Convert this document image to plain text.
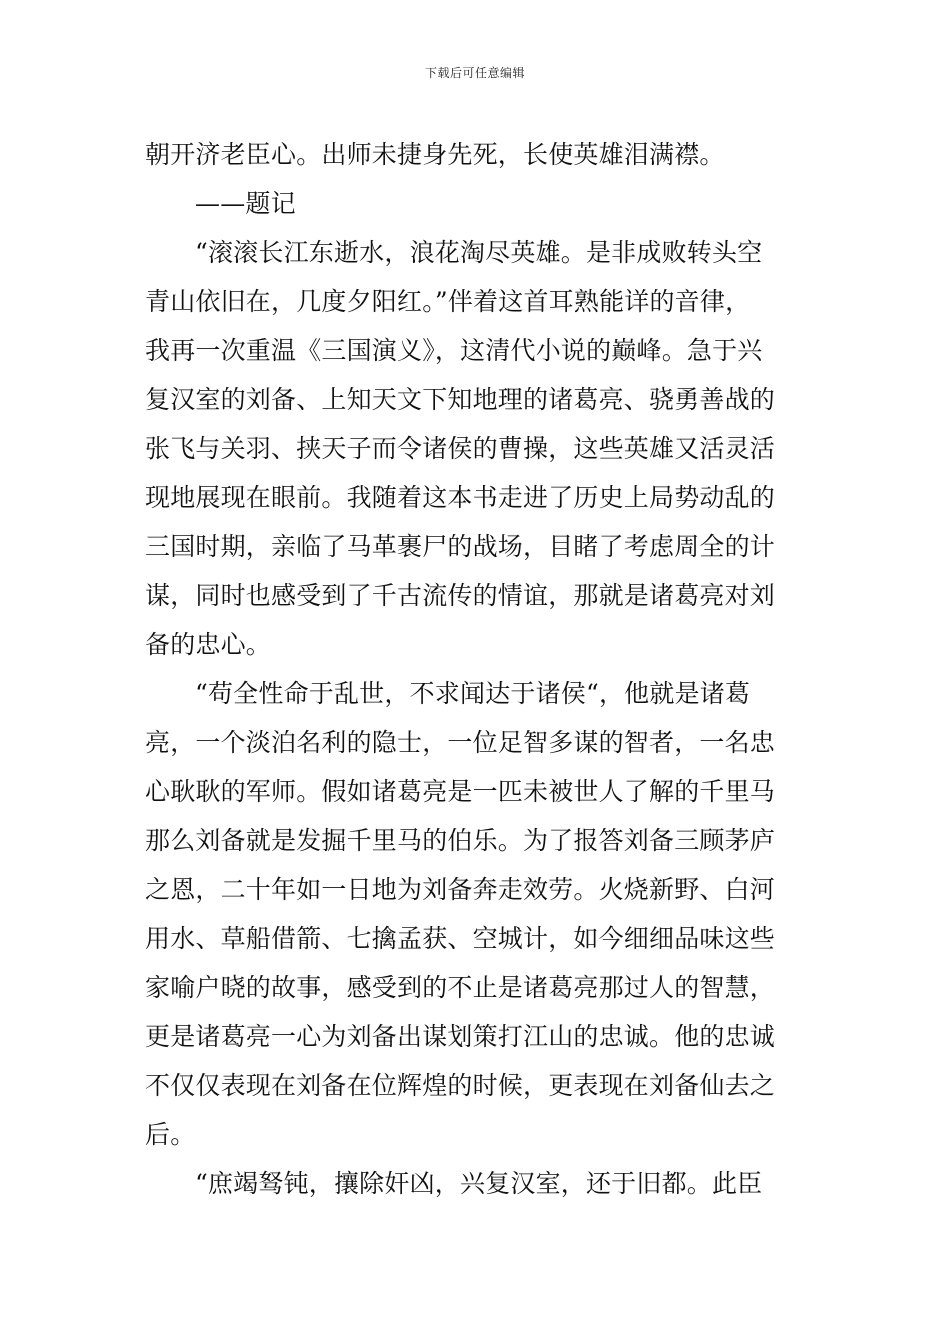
下载后可任意编辑
朝开济老臣心。出师未捷身先死，长使英雄泪满襟。
——题记
“滚滚长江东逝水，浪花淘尽英雄。是非成败转头空
青山依旧在，几度夕阳红。”伴着这首耳熟能详的音律，
我再一次重温《三国演义》，这清代小说的巅峰。急于兴
复汉室的刘备、上知天文下知地理的诸葛亮、骁勇善战的
张飞与关羽、挟天子而令诸侯的曹操，这些英雄又活灵活
现地展现在眼前。我随着这本书走进了历史上局势动乱的
三国时期，亲临了马革裹尸的战场，目睹了考虑周全的计
谋，同时也感受到了千古流传的情谊，那就是诸葛亮对刘
备的忠心。
“苟全性命于乱世，不求闻达于诸侯“，他就是诸葛
亮，一个淡泊名利的隐士，一位足智多谋的智者，一名忠
心耿耿的军师。假如诸葛亮是一匹未被世人了解的千里马
那么刘备就是发掘千里马的伯乐。为了报答刘备三顾茅庐
之恩，二十年如一日地为刘备奔走效劳。火烧新野、白河
用水、草船借箭、七擒孟获、空城计，如今细细品味这些
家喻户晓的故事，感受到的不止是诸葛亮那过人的智慧，
更是诸葛亮一心为刘备出谋划策打江山的忠诚。他的忠诚
不仅仅表现在刘备在位辉煌的时候，更表现在刘备仙去之
后。
“庶竭驽钝，攘除奸凶，兴复汉室，还于旧都。此臣
